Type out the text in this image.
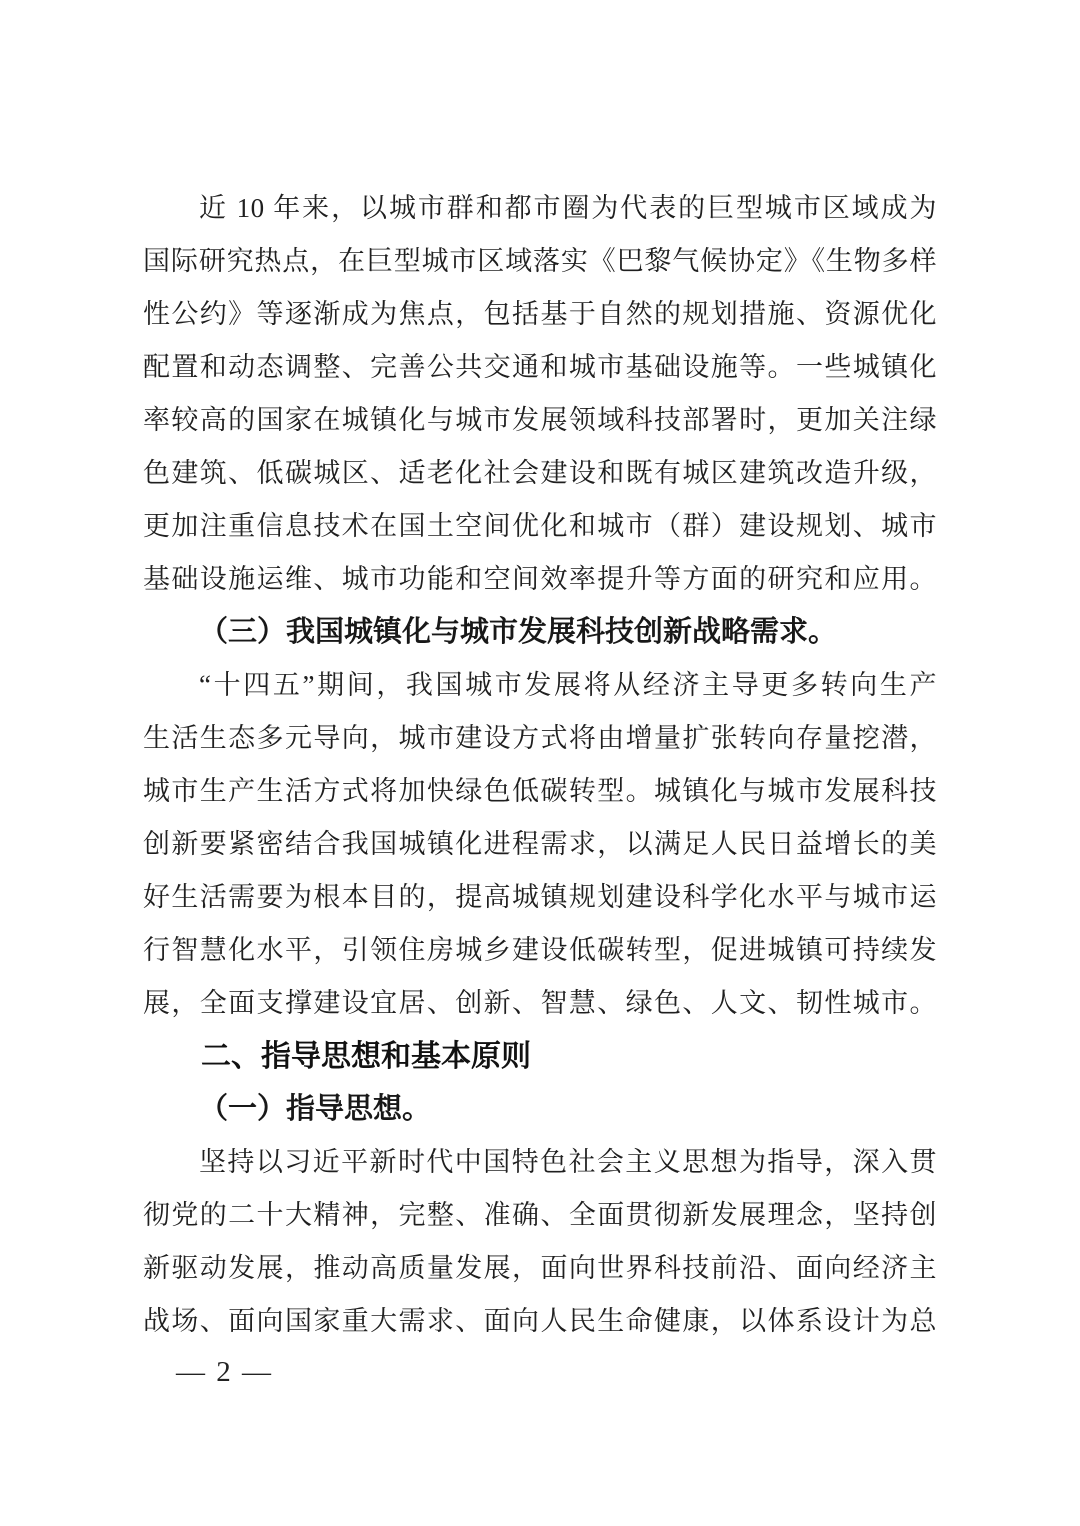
近 10 年来，以城市群和都市圈为代表的巨型城市区域成为
国际研究热点，在巨型城市区域落实《巴黎气候协定》《生物多样
性公约》等逐渐成为焦点，包括基于自然的规划措施、资源优化
配置和动态调整、完善公共交通和城市基础设施等。一些城镇化
率较高的国家在城镇化与城市发展领域科技部署时，更加关注绿
色建筑、低碳城区、适老化社会建设和既有城区建筑改造升级，
更加注重信息技术在国土空间优化和城市（群）建设规划、城市
基础设施运维、城市功能和空间效率提升等方面的研究和应用。
（三）我国城镇化与城市发展科技创新战略需求。
“十四五”期间，我国城市发展将从经济主导更多转向生产
生活生态多元导向，城市建设方式将由增量扩张转向存量挖潜，
城市生产生活方式将加快绿色低碳转型。城镇化与城市发展科技
创新要紧密结合我国城镇化进程需求，以满足人民日益增长的美
好生活需要为根本目的，提高城镇规划建设科学化水平与城市运
行智慧化水平，引领住房城乡建设低碳转型，促进城镇可持续发
展，全面支撑建设宜居、创新、智慧、绿色、人文、韧性城市。
二、指导思想和基本原则
（一）指导思想。
坚持以习近平新时代中国特色社会主义思想为指导，深入贯
彻党的二十大精神，完整、准确、全面贯彻新发展理念，坚持创
新驱动发展，推动高质量发展，面向世界科技前沿、面向经济主
战场、面向国家重大需求、面向人民生命健康，以体系设计为总
— 2 —
